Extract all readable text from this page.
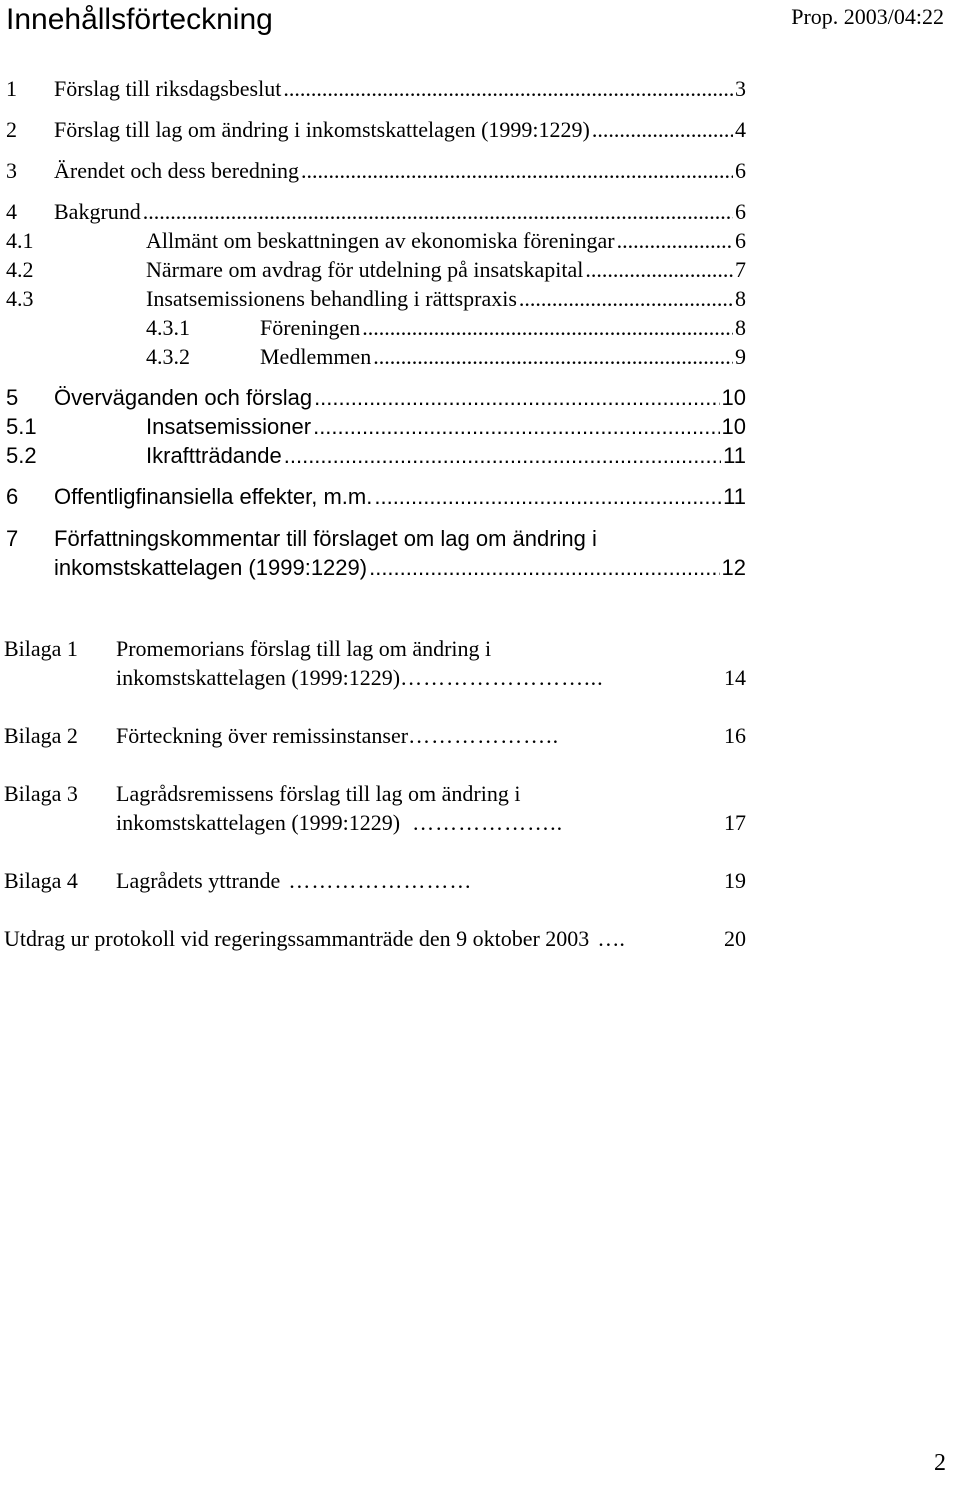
Innehållsförteckning	Prop. 2003/04:22
1 Förslag till riksdagsbeslut .....	3
2 Förslag till lag om ändring i inkomstskattelagen (1999:1229) .....	4
3 Ärendet och dess beredning .....	6
4 Bakgrund .....	6
4.1	Allmänt om beskattningen av ekonomiska föreningar .....	6
4.2	Närmare om avdrag för utdelning på insatskapital .....	7
4.3	Insatsemissionens behandling i rättspraxis .....	8
4.3.1	Föreningen .....	8
4.3.2	Medlemmen .....	9
5 Överväganden och förslag .....	10
5.1	Insatsemissioner .....	10
5.2	Ikraftträdande .....	11
6 Offentligfinansiella effekter, m.m. .....	11
7 Författningskommentar till förslaget om lag om ändring i
inkomstskattelagen (1999:1229) .....	12
Bilaga 1 Promemorians förslag till lag om ändring i
inkomstskattelagen (1999:1229) ……………………...	14
Bilaga 2 Förteckning över remissinstanser ………………..	16
Bilaga 3 Lagrådsremissens förslag till lag om ändring i
inkomstskattelagen (1999:1229) ………………..	17
Bilaga 4 Lagrådets yttrande ……………………	19
Utdrag ur protokoll vid regeringssammanträde den 9 oktober 2003 ….	20
2
